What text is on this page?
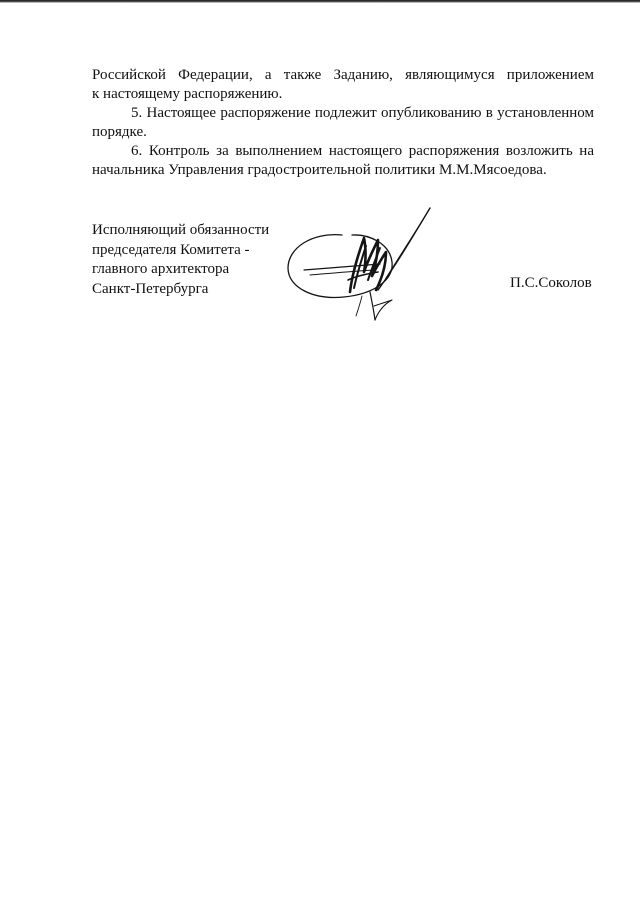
Российской Федерации, а также Заданию, являющимуся приложением

к настоящему распоряжению.

5. Настоящее распоряжение подлежит опубликованию в установленном

порядке.

6. Контроль за выполнением настоящего распоряжения возложить на

начальника Управления градостроительной политики М.М.Мясоедова.

Исполняющий обязанности
председателя Комитета -
главного архитектора
Санкт-Петербурга	П.С.Соколов
